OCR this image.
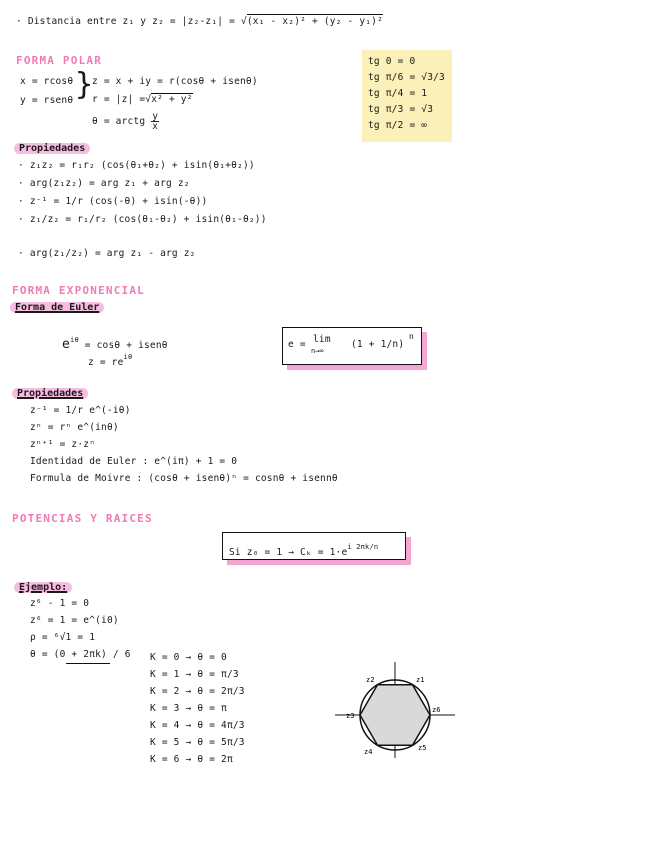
· Distancia entre z₁ y z₂ = |z₂-z₁| = √(x₁ - x₂)² + (y₂ - y₁)²
FORMA POLAR
x = rcosθ
y = rsenθ }
z = x + iy = r(cosθ + isenθ)
r = |z| =√x² + y²
θ = arctg $\frac{y}{x}$
tg 0 = 0
tg π/6 = √3/3
tg π/4 = 1
tg π/3 = √3
tg π/2 = ∞
Propiedades
· z₁z₂ = r₁r₂ (cos(θ₁+θ₂) + isin(θ₁+θ₂))
· arg(z₁z₂) = arg z₁ + arg z₂
· z⁻¹ = 1/r (cos(-θ) + isin(-θ))
· z₁/z₂ = r₁/r₂ (cos(θ₁-θ₂) + isin(θ₁-θ₂))
· arg(z₁/z₂) = arg z₁ - arg z₂
FORMA EXPONENCIAL
Forma de Euler
$e^{i\theta} = \cos\theta$ + isenθ
$z = re^{i\theta}$
e = lim
n→∞
(1 + 1/n)
n
Propiedades
z⁻¹ = 1/r e^(-iθ)
zⁿ = rⁿ e^(inθ)
zⁿ⁺¹ = z·zⁿ
Identidad de Euler : e^(iπ) + 1 = 0
Formula de Moivre : (cosθ + isenθ)ⁿ = cosnθ + isennθ
POTENCIAS Y RAICES
Si $z_0 = 1 \to C_k = 1\cdot e^{i 2\pi k/n}$
Ejemplo:
z⁶ - 1 = 0
z⁶ = 1 = e^(i0)
ρ = ⁶√1 = 1
θ = (0 + 2πk) / 6 K = 0 → θ = 0
K = 1 → θ = π/3
K = 2 → θ = 2π/3
K = 3 → θ = π
K = 4 → θ = 4π/3
K = 5 → θ = 5π/3
K = 6 → θ = 2π
z1
z2
z3
z4	z5
z6
